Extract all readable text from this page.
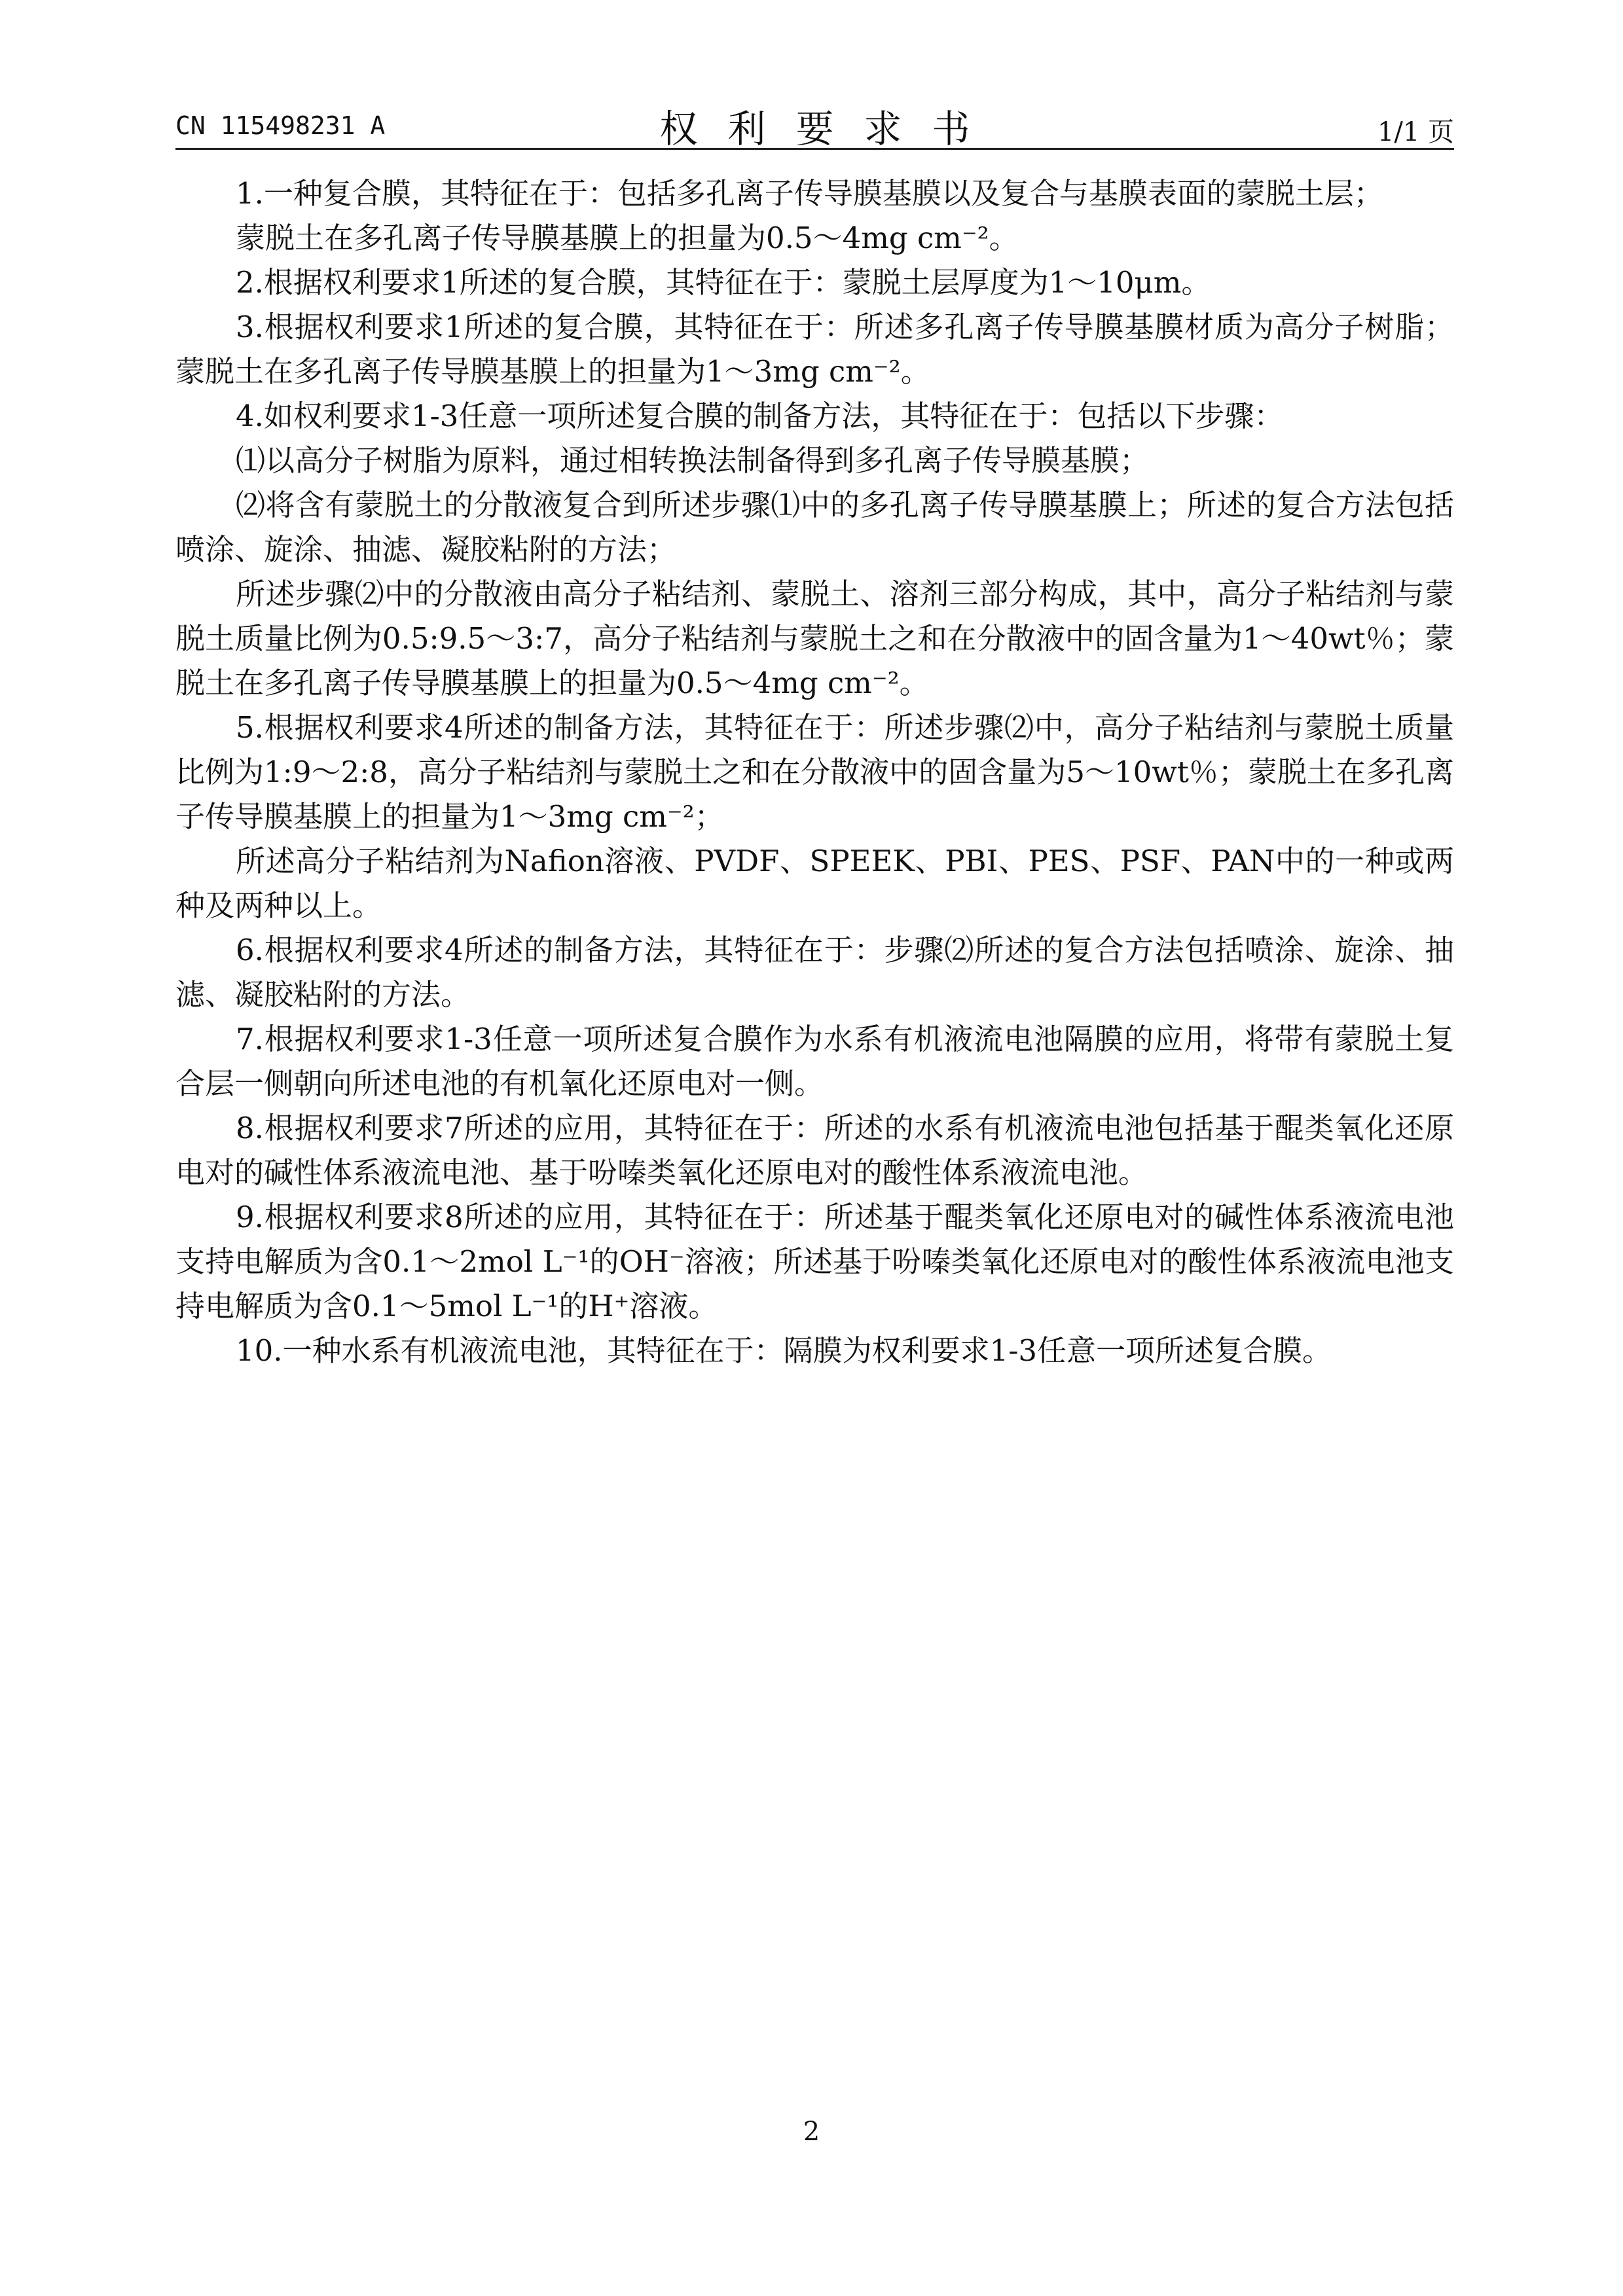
CN 115498231 A	权利要求书	1/1 页

1.一种复合膜，其特征在于：包括多孔离子传导膜基膜以及复合与基膜表面的蒙脱土层；

蒙脱土在多孔离子传导膜基膜上的担量为0.5～4mg cm⁻²。

2.根据权利要求1所述的复合膜，其特征在于：蒙脱土层厚度为1～10μm。

3.根据权利要求1所述的复合膜，其特征在于：所述多孔离子传导膜基膜材质为高分子树脂；蒙脱土在多孔离子传导膜基膜上的担量为1～3mg cm⁻²。

4.如权利要求1-3任意一项所述复合膜的制备方法，其特征在于：包括以下步骤：

⑴以高分子树脂为原料，通过相转换法制备得到多孔离子传导膜基膜；

⑵将含有蒙脱土的分散液复合到所述步骤⑴中的多孔离子传导膜基膜上；所述的复合方法包括喷涂、旋涂、抽滤、凝胶粘附的方法；

所述步骤⑵中的分散液由高分子粘结剂、蒙脱土、溶剂三部分构成，其中，高分子粘结剂与蒙脱土质量比例为0.5:9.5～3:7，高分子粘结剂与蒙脱土之和在分散液中的固含量为1～40wt％；蒙脱土在多孔离子传导膜基膜上的担量为0.5～4mg cm⁻²。

5.根据权利要求4所述的制备方法，其特征在于：所述步骤⑵中，高分子粘结剂与蒙脱土质量比例为1:9～2:8，高分子粘结剂与蒙脱土之和在分散液中的固含量为5～10wt％；蒙脱土在多孔离子传导膜基膜上的担量为1～3mg cm⁻²；

所述高分子粘结剂为Nafion溶液、PVDF、SPEEK、PBI、PES、PSF、PAN中的一种或两种及两种以上。

6.根据权利要求4所述的制备方法，其特征在于：步骤⑵所述的复合方法包括喷涂、旋涂、抽滤、凝胶粘附的方法。

7.根据权利要求1-3任意一项所述复合膜作为水系有机液流电池隔膜的应用，将带有蒙脱土复合层一侧朝向所述电池的有机氧化还原电对一侧。

8.根据权利要求7所述的应用，其特征在于：所述的水系有机液流电池包括基于醌类氧化还原电对的碱性体系液流电池、基于吩嗪类氧化还原电对的酸性体系液流电池。

9.根据权利要求8所述的应用，其特征在于：所述基于醌类氧化还原电对的碱性体系液流电池支持电解质为含0.1～2mol L⁻¹的OH⁻溶液；所述基于吩嗪类氧化还原电对的酸性体系液流电池支持电解质为含0.1～5mol L⁻¹的H⁺溶液。

10.一种水系有机液流电池，其特征在于：隔膜为权利要求1-3任意一项所述复合膜。

2
